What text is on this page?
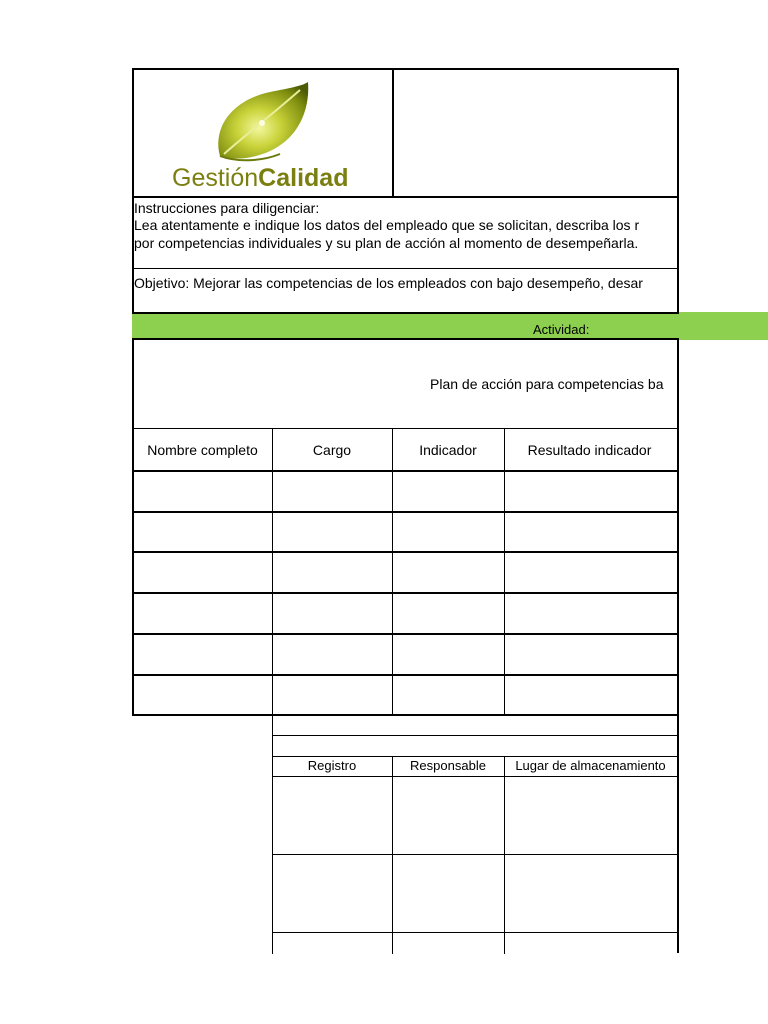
GestiónCalidad
Instrucciones para diligenciar:
Lea atentamente e indique los datos del empleado que se solicitan, describa los r
por competencias individuales y su plan de acción al momento de desempeñarla.
Objetivo: Mejorar las competencias de los empleados con bajo desempeño, desar
Plan de acción para competencias ba
Nombre completo	Cargo	Indicador	Resultado indicador
Registro	Responsable	Lugar de almacenamiento
Actividad:
